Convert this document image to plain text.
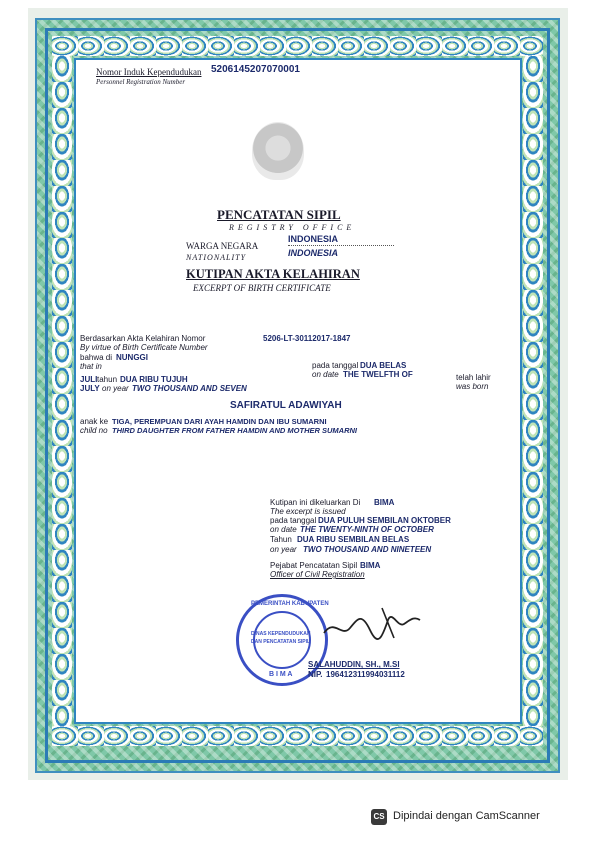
Nomor Induk Kependudukan 5206145207070001
Personnel Registration Number
PENCATATAN SIPIL
REGISTRY OFFICE
WARGA NEGARA
INDONESIA
NATIONALITY	INDONESIA
KUTIPAN AKTA KELAHIRAN
EXCERPT OF BIRTH CERTIFICATE
Berdasarkan Akta Kelahiran Nomor	5206-LT-30112017-1847
By virtue of Birth Certificate Number
bahwa di NUNGGI
that in	pada tanggal DUA BELAS
on date THE TWELFTH OF
JULI tahun DUA RIBU TUJUH
JULY on year TWO THOUSAND AND SEVEN
telah lahir
was born
SAFIRATUL ADAWIYAH
anak ke TIGA, PEREMPUAN DARI AYAH HAMDIN DAN IBU SUMARNI
child no THIRD DAUGHTER FROM FATHER HAMDIN AND MOTHER SUMARNI
Kutipan ini dikeluarkan Di BIMA
The excerpt is issued
pada tanggal DUA PULUH SEMBILAN OKTOBER
on date THE TWENTY-NINTH OF OCTOBER
Tahun DUA RIBU SEMBILAN BELAS
on year TWO THOUSAND AND NINETEEN
Pejabat Pencatatan Sipil BIMA
Officer of Civil Registration
PEMERINTAH KABUPATEN
DINAS KEPENDUDUKAN
DAN PENCATATAN SIPIL
B I M A
SALAHUDDIN, SH., M.SI
NIP. 196412311994031112
CS Dipindai dengan CamScanner
